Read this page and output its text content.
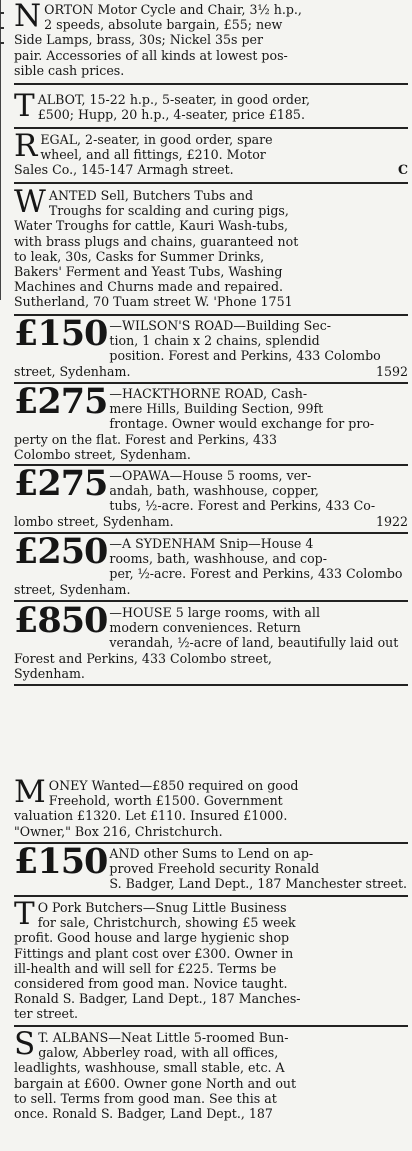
N ORTON Motor Cycle and Chair, 3½ h.p.,

2 speeds, absolute bargain, £55; new

Side Lamps, brass, 30s; Nickel 35s per

pair. Accessories of all kinds at lowest pos-

sible cash prices.

T ALBOT, 15-22 h.p., 5-seater, in good order,

£500; Hupp, 20 h.p., 4-seater, price £185.

R EGAL, 2-seater, in good order, spare

wheel, and all fittings, £210. Motor

Sales Co., 145-147 Armagh street.	C

W ANTED Sell, Butchers Tubs and

Troughs for scalding and curing pigs,

Water Troughs for cattle, Kauri Wash-tubs,

with brass plugs and chains, guaranteed not

to leak, 30s, Casks for Summer Drinks,

Bakers' Ferment and Yeast Tubs, Washing

Machines and Churns made and repaired.

Sutherland, 70 Tuam street W. 'Phone 1751

£150 —WILSON'S ROAD—Building Sec-

tion, 1 chain x 2 chains, splendid

position. Forest and Perkins, 433 Colombo

street, Sydenham.	1592

£275 —HACKTHORNE ROAD, Cash-

mere Hills, Building Section, 99ft

frontage. Owner would exchange for pro-

perty on the flat. Forest and Perkins, 433

Colombo street, Sydenham.

£275 —OPAWA—House 5 rooms, ver-

andah, bath, washhouse, copper,

tubs, ½-acre. Forest and Perkins, 433 Co-

lombo street, Sydenham.	1922

£250 —A SYDENHAM Snip—House 4

rooms, bath, washhouse, and cop-

per, ½-acre. Forest and Perkins, 433 Colombo

street, Sydenham.

£850 —HOUSE 5 large rooms, with all

modern conveniences. Return

verandah, ½-acre of land, beautifully laid out

Forest and Perkins, 433 Colombo street,

Sydenham.

M ONEY Wanted—£850 required on good

Freehold, worth £1500. Government

valuation £1320. Let £110. Insured £1000.

"Owner," Box 216, Christchurch.

£150 AND other Sums to Lend on ap-

proved Freehold security Ronald

S. Badger, Land Dept., 187 Manchester street.

T O Pork Butchers—Snug Little Business

for sale, Christchurch, showing £5 week

profit. Good house and large hygienic shop

Fittings and plant cost over £300. Owner in

ill-health and will sell for £225. Terms be

considered from good man. Novice taught.

Ronald S. Badger, Land Dept., 187 Manches-

ter street.

S T. ALBANS—Neat Little 5-roomed Bun-

galow, Abberley road, with all offices,

leadlights, washhouse, small stable, etc. A

bargain at £600. Owner gone North and out

to sell. Terms from good man. See this at

once. Ronald S. Badger, Land Dept., 187
